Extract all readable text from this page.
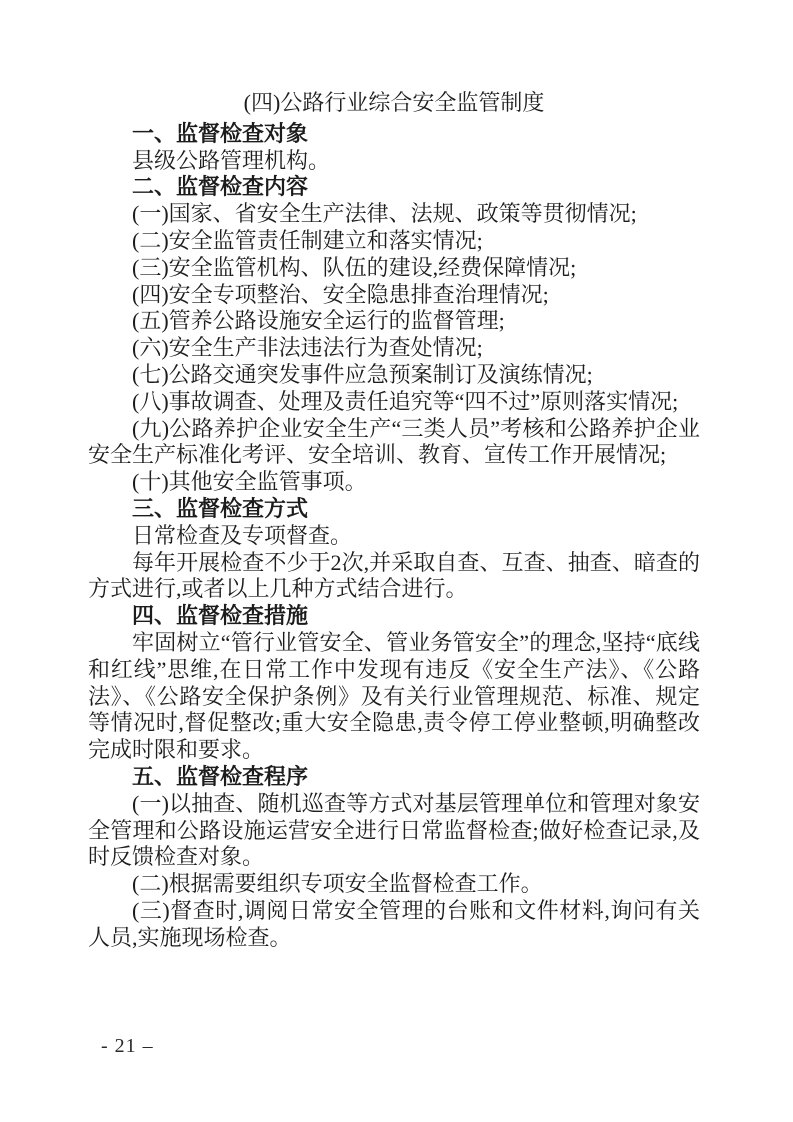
(四)公路行业综合安全监管制度

一、监督检查对象

县级公路管理机构。

二、监督检查内容

(一)国家、省安全生产法律、法规、政策等贯彻情况;

(二)安全监管责任制建立和落实情况;

(三)安全监管机构、队伍的建设,经费保障情况;

(四)安全专项整治、安全隐患排查治理情况;

(五)管养公路设施安全运行的监督管理;

(六)安全生产非法违法行为查处情况;

(七)公路交通突发事件应急预案制订及演练情况;

(八)事故调查、处理及责任追究等“四不过”原则落实情况;

(九)公路养护企业安全生产“三类人员”考核和公路养护企业安全生产标准化考评、安全培训、教育、宣传工作开展情况;

(十)其他安全监管事项。

三、监督检查方式

日常检查及专项督查。

每年开展检查不少于2次,并采取自查、互查、抽查、暗查的方式进行,或者以上几种方式结合进行。

四、监督检查措施

牢固树立“管行业管安全、管业务管安全”的理念,坚持“底线和红线”思维,在日常工作中发现有违反《安全生产法》、《公路法》、《公路安全保护条例》及有关行业管理规范、标准、规定等情况时,督促整改;重大安全隐患,责令停工停业整顿,明确整改完成时限和要求。

五、监督检查程序

(一)以抽查、随机巡查等方式对基层管理单位和管理对象安全管理和公路设施运营安全进行日常监督检查;做好检查记录,及时反馈检查对象。

(二)根据需要组织专项安全监督检查工作。

(三)督查时,调阅日常安全管理的台账和文件材料,询问有关人员,实施现场检查。

- 21 –
